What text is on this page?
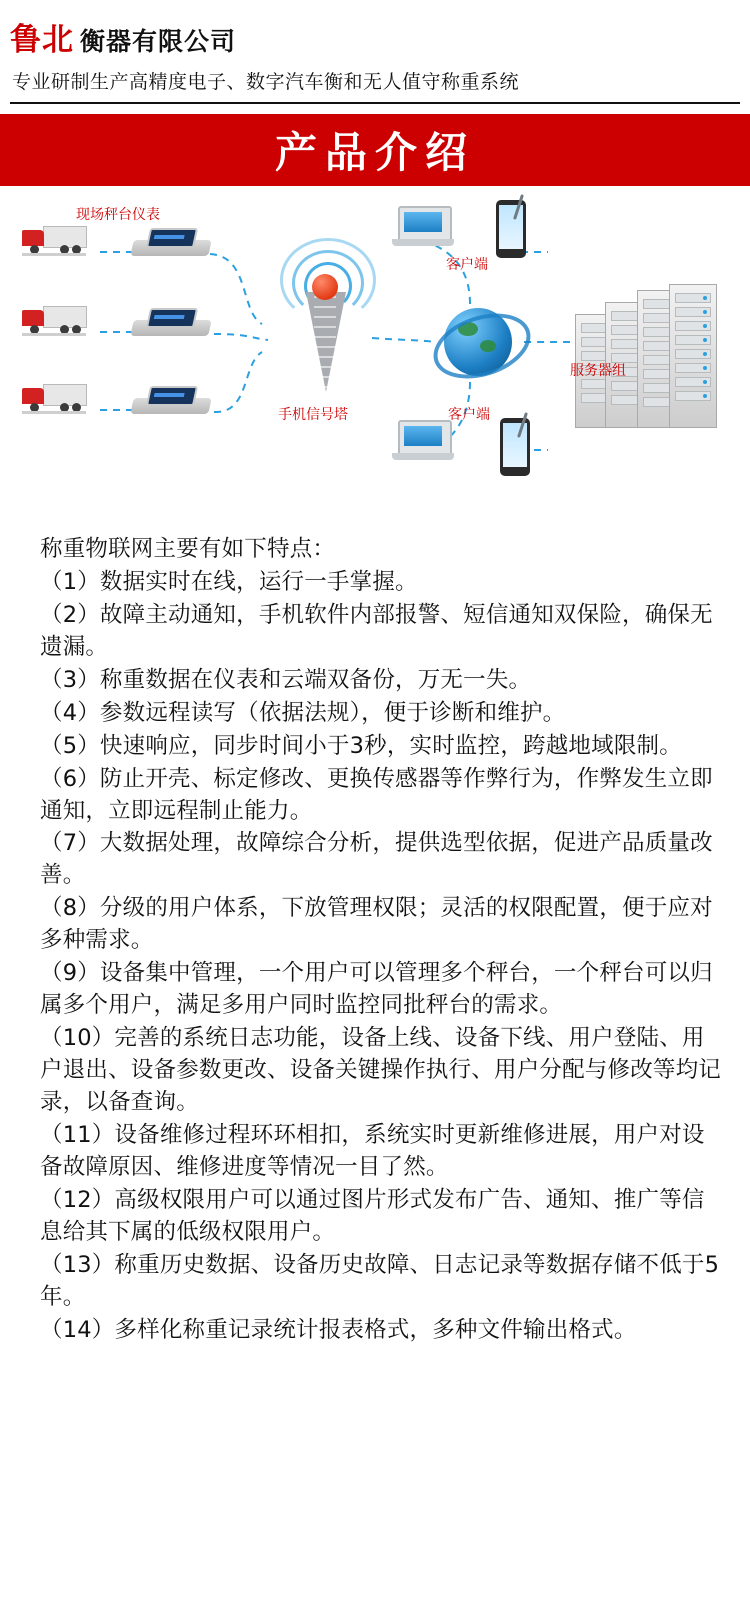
鲁北 衡器有限公司
专业研制生产高精度电子、数字汽车衡和无人值守称重系统
产品介绍
现场秤台仪表
手机信号塔
客户端
客户端
服务器组

称重物联网主要有如下特点：

（1）数据实时在线，运行一手掌握。

（2）故障主动通知，手机软件内部报警、短信通知双保险，确保无遗漏。

（3）称重数据在仪表和云端双备份，万无一失。

（4）参数远程读写（依据法规），便于诊断和维护。

（5）快速响应，同步时间小于3秒，实时监控，跨越地域限制。

（6）防止开壳、标定修改、更换传感器等作弊行为，作弊发生立即通知，立即远程制止能力。

（7）大数据处理，故障综合分析，提供选型依据，促进产品质量改善。

（8）分级的用户体系，下放管理权限；灵活的权限配置，便于应对多种需求。

（9）设备集中管理，一个用户可以管理多个秤台，一个秤台可以归属多个用户，满足多用户同时监控同批秤台的需求。

（10）完善的系统日志功能，设备上线、设备下线、用户登陆、用户退出、设备参数更改、设备关键操作执行、用户分配与修改等均记录，以备查询。

（11）设备维修过程环环相扣，系统实时更新维修进展，用户对设备故障原因、维修进度等情况一目了然。

（12）高级权限用户可以通过图片形式发布广告、通知、推广等信息给其下属的低级权限用户。

（13）称重历史数据、设备历史故障、日志记录等数据存储不低于5年。

（14）多样化称重记录统计报表格式，多种文件输出格式。
